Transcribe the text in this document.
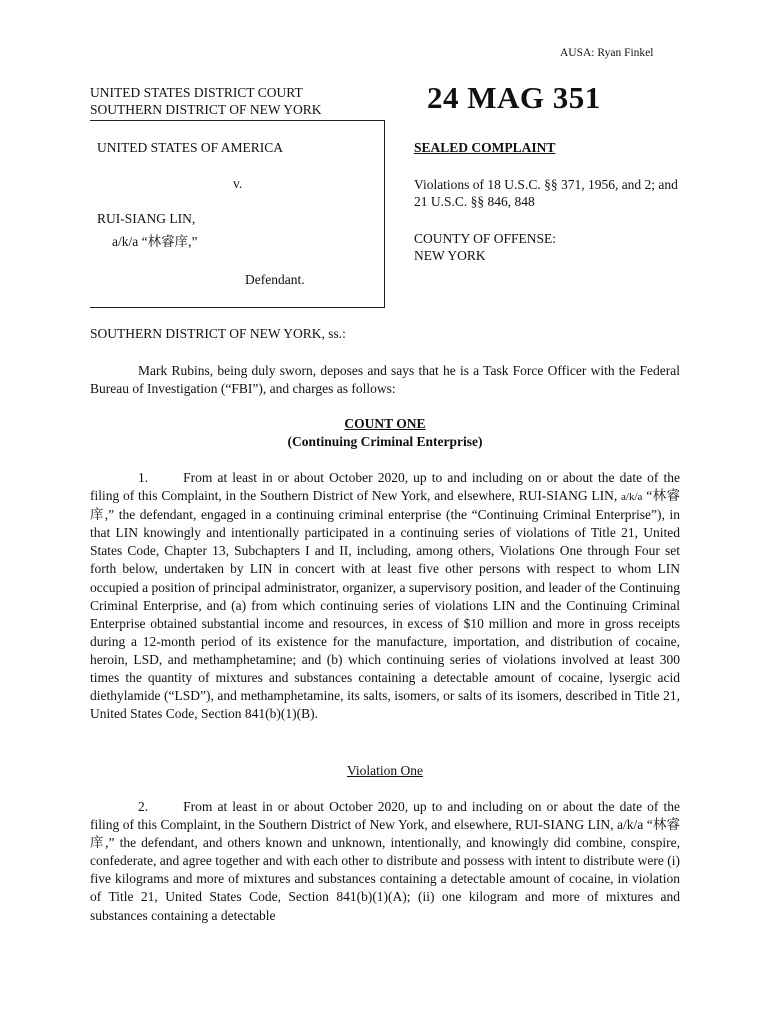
AUSA: Ryan Finkel
UNITED STATES DISTRICT COURT
SOUTHERN DISTRICT OF NEW YORK	24 MAG 351
UNITED STATES OF AMERICA
v.
RUI-SIANG LIN,
a/k/a “林睿庠,”
Defendant.
SEALED COMPLAINT
Violations of 18 U.S.C. §§ 371, 1956, and 2; and 21 U.S.C. §§ 846, 848
COUNTY OF OFFENSE:
NEW YORK
SOUTHERN DISTRICT OF NEW YORK, ss.:
Mark Rubins, being duly sworn, deposes and says that he is a Task Force Officer with the Federal Bureau of Investigation (“FBI”), and charges as follows:
COUNT ONE
(Continuing Criminal Enterprise)
1.	From at least in or about October 2020, up to and including on or about the date of the filing of this Complaint, in the Southern District of New York, and elsewhere, RUI-SIANG LIN, a/k/a “林睿庠,” the defendant, engaged in a continuing criminal enterprise (the “Continuing Criminal Enterprise”), in that LIN knowingly and intentionally participated in a continuing series of violations of Title 21, United States Code, Chapter 13, Subchapters I and II, including, among others, Violations One through Four set forth below, undertaken by LIN in concert with at least five other persons with respect to whom LIN occupied a position of principal administrator, organizer, a supervisory position, and leader of the Continuing Criminal Enterprise, and (a) from which continuing series of violations LIN and the Continuing Criminal Enterprise obtained substantial income and resources, in excess of $10 million and more in gross receipts during a 12-month period of its existence for the manufacture, importation, and distribution of cocaine, heroin, LSD, and methamphetamine; and (b) which continuing series of violations involved at least 300 times the quantity of mixtures and substances containing a detectable amount of cocaine, lysergic acid diethylamide (“LSD”), and methamphetamine, its salts, isomers, or salts of its isomers, described in Title 21, United States Code, Section 841(b)(1)(B).
Violation One
2.	From at least in or about October 2020, up to and including on or about the date of the filing of this Complaint, in the Southern District of New York, and elsewhere, RUI-SIANG LIN, a/k/a “林睿庠,” the defendant, and others known and unknown, intentionally, and knowingly did combine, conspire, confederate, and agree together and with each other to distribute and possess with intent to distribute were (i) five kilograms and more of mixtures and substances containing a detectable amount of cocaine, in violation of Title 21, United States Code, Section 841(b)(1)(A); (ii) one kilogram and more of mixtures and substances containing a detectable
